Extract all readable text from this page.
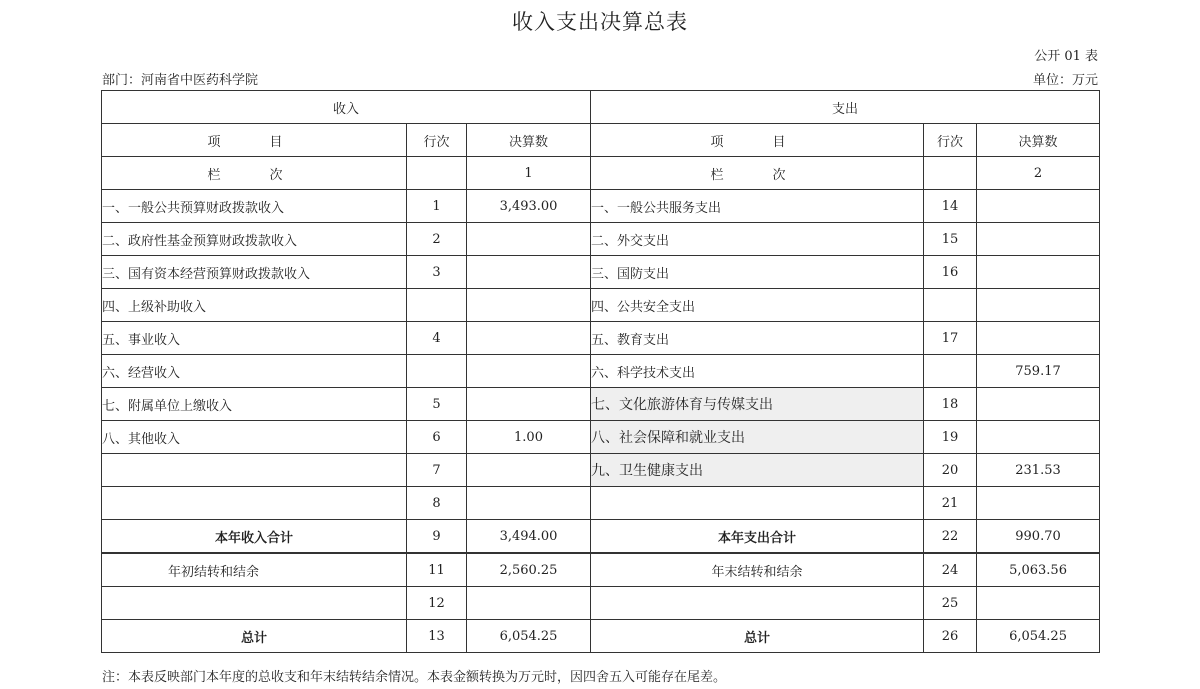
收入支出决算总表
公开 01 表
部门：河南省中医药科学院	单位：万元
收入			支出		
项　目	行次	决算数	项　目	行次	决算数
栏　次		1	栏　次		2
一、一般公共预算财政拨款收入	1	3,493.00	一、一般公共服务支出	14	
二、政府性基金预算财政拨款收入	2		二、外交支出	15	
三、国有资本经营预算财政拨款收入	3		三、国防支出	16	
四、上级补助收入			四、公共安全支出		
五、事业收入	4		五、教育支出	17	
六、经营收入			六、科学技术支出		759.17
七、附属单位上缴收入	5		七、文化旅游体育与传媒支出	18	
八、其他收入	6	1.00	八、社会保障和就业支出	19	
	7		九、卫生健康支出	20	231.53
	8			21	
本年收入合计	9	3,494.00	本年支出合计	22	990.70
年初结转和结余	11	2,560.25	年末结转和结余	24	5,063.56
	12			25	
总计	13	6,054.25	总计	26	6,054.25
注：本表反映部门本年度的总收支和年末结转结余情况。本表金额转换为万元时，因四舍五入可能存在尾差。
